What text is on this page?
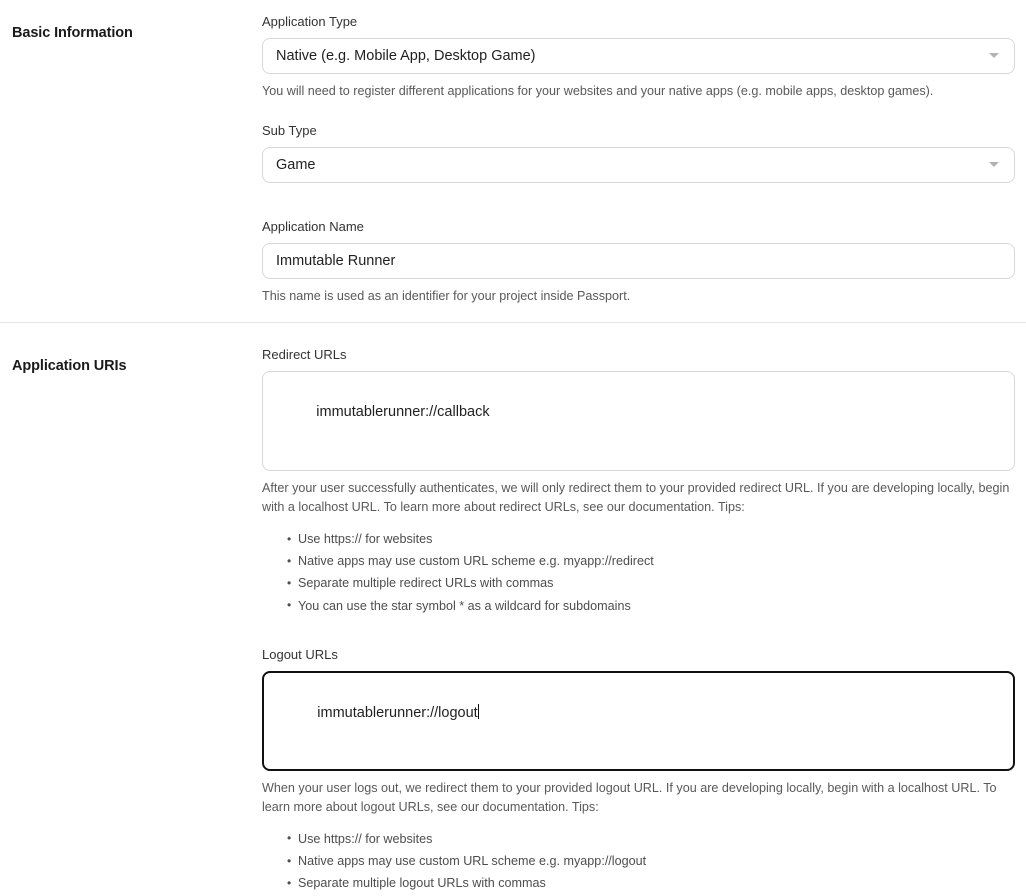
Basic Information
Application Type
Native (e.g. Mobile App, Desktop Game)
You will need to register different applications for your websites and your native apps (e.g. mobile apps, desktop games).
Sub Type
Game
Application Name
Immutable Runner
This name is used as an identifier for your project inside Passport.
Application URIs
Redirect URLs

immutablerunner://callback

After your user successfully authenticates, we will only redirect them to your provided redirect URL. If you are developing locally, begin with a localhost URL. To learn more about redirect URLs, see our documentation. Tips:
• Use https:// for websites
• Native apps may use custom URL scheme e.g. myapp://redirect
• Separate multiple redirect URLs with commas
• You can use the star symbol * as a wildcard for subdomains
Logout URLs

immutablerunner://logout

When your user logs out, we redirect them to your provided logout URL. If you are developing locally, begin with a localhost URL. To learn more about logout URLs, see our documentation. Tips:
• Use https:// for websites
• Native apps may use custom URL scheme e.g. myapp://logout
• Separate multiple logout URLs with commas
